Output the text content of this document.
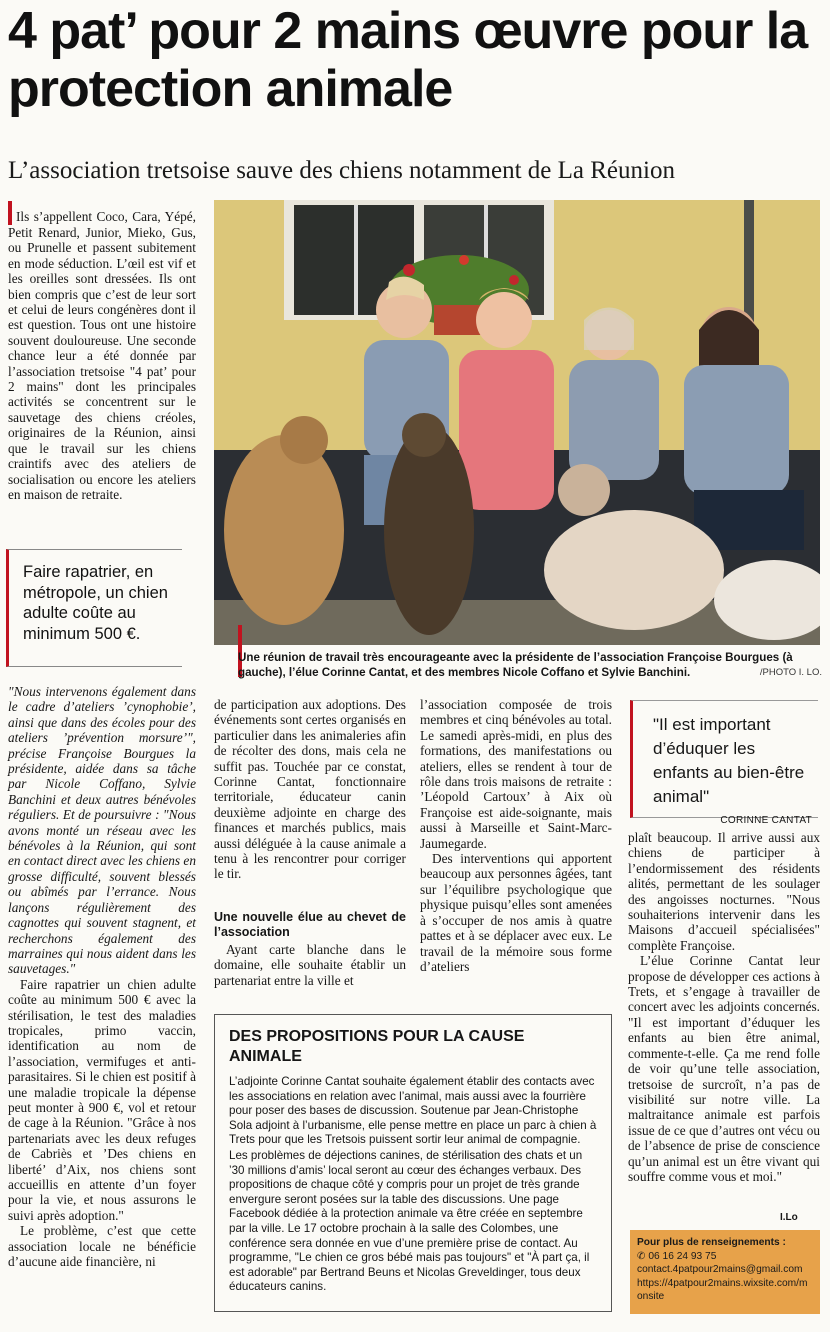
4 pat’ pour 2 mains œuvre pour la protection animale
L’association tretsoise sauve des chiens notamment de La Réunion

Ils s’appellent Coco, Cara, Yépé, Petit Renard, Junior, Mieko, Gus, ou Prunelle et passent subitement en mode séduction. L’œil est vif et les oreilles sont dressées. Ils ont bien compris que c’est de leur sort et celui de leurs congénères dont il est question. Tous ont une histoire souvent douloureuse. Une seconde chance leur a été donnée par l’association tretsoise "4 pat’ pour 2 mains" dont les principales activités se concentrent sur le sauvetage des chiens créoles, originaires de la Réunion, ainsi que le travail sur les chiens craintifs avec des ateliers de socialisation ou encore les ateliers en maison de retraite.

Une réunion de travail très encourageante avec la présidente de l’association Françoise Bourgues (à gauche), l’élue Corinne Cantat, et des membres Nicole Coffano et Sylvie Banchini.	/PHOTO I. LO.
Faire rapatrier, en métropole, un chien adulte coûte au minimum 500 €.

"Nous intervenons également dans le cadre d’ateliers ’cynophobie’, ainsi que dans des écoles pour des ateliers ’prévention morsure’", précise Françoise Bourgues la présidente, aidée dans sa tâche par Nicole Coffano, Sylvie Banchini et deux autres bénévoles réguliers. Et de poursuivre : "Nous avons monté un réseau avec les bénévoles à la Réunion, qui sont en contact direct avec les chiens en grosse difficulté, souvent blessés ou abîmés par l’errance. Nous lançons régulièrement des cagnottes qui souvent stagnent, et recherchons également des marraines qui nous aident dans les sauvetages."

Faire rapatrier un chien adulte coûte au minimum 500 € avec la stérilisation, le test des maladies tropicales, primo vaccin, identification au nom de l’association, vermifuges et anti-parasitaires. Si le chien est positif à une maladie tropicale la dépense peut monter à 900 €, vol et retour de cage à la Réunion. "Grâce à nos partenariats avec les deux refuges de Cabriès et ’Des chiens en liberté’ d’Aix, nos chiens sont accueillis en attente d’un foyer pour la vie, et nous assurons le suivi après adoption."

Le problème, c’est que cette association locale ne bénéficie d’aucune aide financière, ni

de participation aux adoptions. Des événements sont certes organisés en particulier dans les animaleries afin de récolter des dons, mais cela ne suffit pas. Touchée par ce constat, Corinne Cantat, fonctionnaire territoriale, éducateur canin deuxième adjointe en charge des finances et marchés publics, mais aussi déléguée à la cause animale a tenu à les rencontrer pour corriger le tir.

Une nouvelle élue au chevet de l’association

Ayant carte blanche dans le domaine, elle souhaite établir un partenariat entre la ville et

l’association composée de trois membres et cinq bénévoles au total. Le samedi après-midi, en plus des formations, des manifestations ou ateliers, elles se rendent à tour de rôle dans trois maisons de retraite : ’Léopold Cartoux’ à Aix où Françoise est aide-soignante, mais aussi à Marseille et Saint-Marc-Jaumegarde.

Des interventions qui apportent beaucoup aux personnes âgées, tant sur l’équilibre psychologique que physique puisqu’elles sont amenées à s’occuper de nos amis à quatre pattes et à se déplacer avec eux. Le travail de la mémoire sous forme d’ateliers

"Il est important d’éduquer les enfants au bien-être animal"
CORINNE CANTAT

plaît beaucoup. Il arrive aussi aux chiens de participer à l’endormissement des résidents alités, permettant de les soulager des angoisses nocturnes. "Nous souhaiterions intervenir dans les Maisons d’accueil spécialisées" complète Françoise.

L’élue Corinne Cantat leur propose de développer ces actions à Trets, et s’engage à travailler de concert avec les adjoints concernés. "Il est important d’éduquer les enfants au bien être animal, commente-t-elle. Ça me rend folle de voir qu’une telle association, tretsoise de surcroît, n’a pas de visibilité sur notre ville. La maltraitance animale est parfois issue de ce que d’autres ont vécu ou de l’absence de prise de conscience qu’un animal est un être vivant qui souffre comme vous et moi."

I.Lo
DES PROPOSITIONS POUR LA CAUSE ANIMALE

L’adjointe Corinne Cantat souhaite également établir des contacts avec les associations en relation avec l’animal, mais aussi avec la fourrière pour poser des bases de discussion. Soutenue par Jean-Christophe Sola adjoint à l’urbanisme, elle pense mettre en place un parc à chien à Trets pour que les Tretsois puissent sortir leur animal de compagnie.

Les problèmes de déjections canines, de stérilisation des chats et un ’30 millions d’amis’ local seront au cœur des échanges verbaux. Des propositions de chaque côté y compris pour un projet de très grande envergure seront posées sur la table des discussions. Une page Facebook dédiée à la protection animale va être créée en septembre par la ville. Le 17 octobre prochain à la salle des Colombes, une conférence sera donnée en vue d’une première prise de contact. Au programme, "Le chien ce gros bébé mais pas toujours" et "À part ça, il est adorable" par Bertrand Beuns et Nicolas Greveldinger, tous deux éducateurs canins.

Pour plus de renseignements :
✆ 06 16 24 93 75
contact.4patpour2mains@gmail.com
https://4patpour2mains.wixsite.com/monsite
